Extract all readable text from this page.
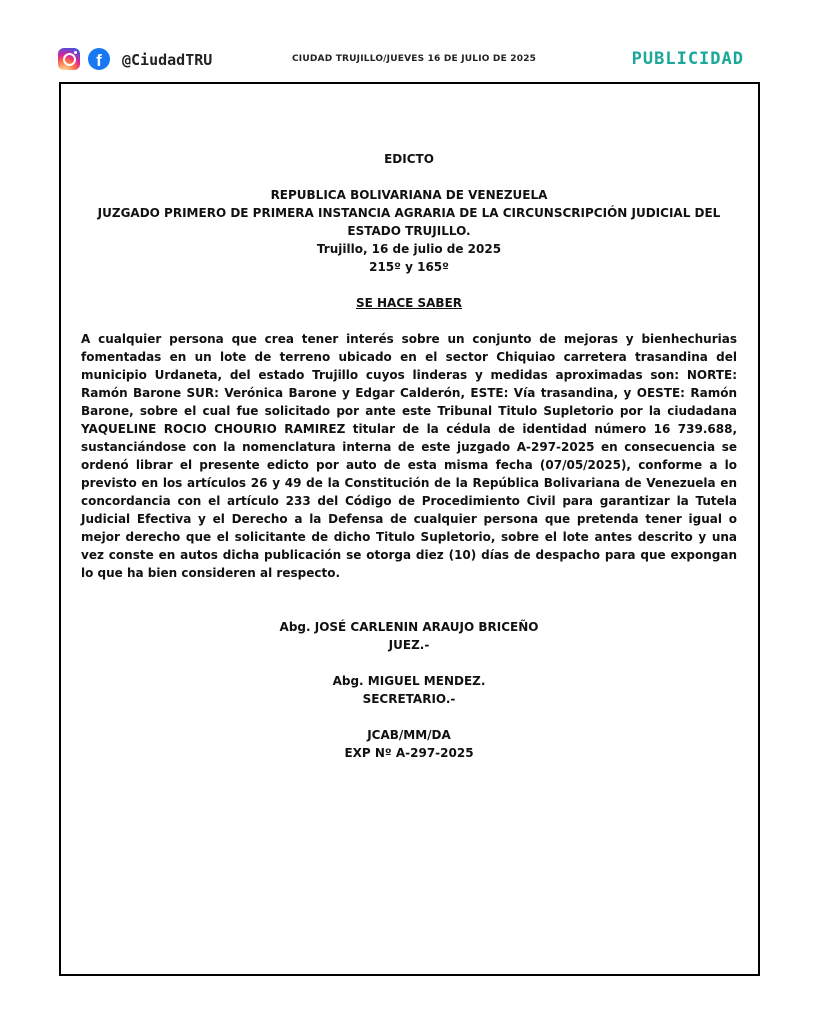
f	@CiudadTRU	CIUDAD TRUJILLO/JUEVES 16 DE JULIO DE 2025	PUBLICIDAD
EDICTO
REPUBLICA BOLIVARIANA DE VENEZUELA
JUZGADO PRIMERO DE PRIMERA INSTANCIA AGRARIA DE LA CIRCUNSCRIPCIÓN JUDICIAL DEL ESTADO TRUJILLO.
Trujillo, 16 de julio de 2025
215º y 165º
SE HACE SABER

A cualquier persona que crea tener interés sobre un conjunto de mejoras y bienhechurias fomentadas en un lote de terreno ubicado en el sector Chiquiao carretera trasandina del municipio Urdaneta, del estado Trujillo cuyos linderas y medidas aproximadas son: NORTE: Ramón Barone SUR: Verónica Barone y Edgar Calderón, ESTE: Vía trasandina, y OESTE: Ramón Barone, sobre el cual fue solicitado por ante este Tribunal Titulo Supletorio por la ciudadana YAQUELINE ROCIO CHOURIO RAMIREZ titular de la cédula de identidad número 16 739.688, sustanciándose con la nomenclatura interna de este juzgado A-297-2025 en consecuencia se ordenó librar el presente edicto por auto de esta misma fecha (07/05/2025), conforme a lo previsto en los artículos 26 y 49 de la Constitución de la República Bolivariana de Venezuela en concordancia con el artículo 233 del Código de Procedimiento Civil para garantizar la Tutela Judicial Efectiva y el Derecho a la Defensa de cualquier persona que pretenda tener igual o mejor derecho que el solicitante de dicho Titulo Supletorio, sobre el lote antes descrito y una vez conste en autos dicha publicación se otorga diez (10) días de despacho para que expongan lo que ha bien consideren al respecto.

Abg. JOSÉ CARLENIN ARAUJO BRICEÑO
JUEZ.-
Abg. MIGUEL MENDEZ.
SECRETARIO.-
JCAB/MM/DA
EXP Nº A-297-2025
